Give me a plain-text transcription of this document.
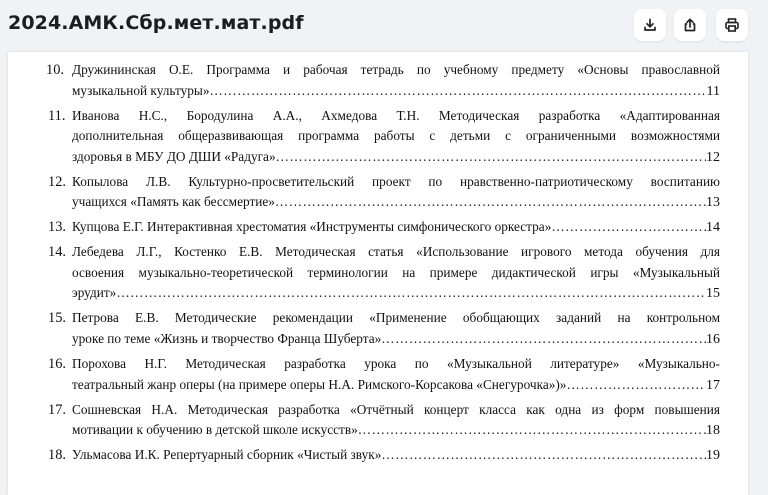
2024.АМК.Сбр.мет.мат.pdf
10. Дружининская О.Е. Программа и рабочая тетрадь по учебному предмету «Основы православной
музыкальной культуры» ……………………………………………………………………………………………………………………………………………………………………………………	11
11. Иванова Н.С., Бородулина А.А., Ахмедова Т.Н. Методическая разработка «Адаптированная
дополнительная общеразвивающая программа работы с детьми с ограниченными возможностями
здоровья в МБУ ДО ДШИ «Радуга» ……………………………………………………………………………………………………………………………………………………………………………………	12
12. Копылова Л.В. Культурно-просветительский проект по нравственно-патриотическому воспитанию
учащихся «Память как бессмертие» ……………………………………………………………………………………………………………………………………………………………………………………	13
13. Купцова Е.Г. Интерактивная хрестоматия «Инструменты симфонического оркестра» ……………………………………………………………………………………………………………………………………………………………………………………	14
14. Лебедева Л.Г., Костенко Е.В. Методическая статья «Использование игрового метода обучения для
освоения музыкально-теоретической терминологии на примере дидактической игры «Музыкальный
эрудит» ……………………………………………………………………………………………………………………………………………………………………………………	15
15. Петрова Е.В. Методические рекомендации «Применение обобщающих заданий на контрольном
уроке по теме «Жизнь и творчество Франца Шуберта» ……………………………………………………………………………………………………………………………………………………………………………………	16
16. Порохова Н.Г. Методическая разработка урока по «Музыкальной литературе» «Музыкально-
театральный жанр оперы (на примере оперы Н.А. Римского-Корсакова «Снегурочка»)» ……………………………………………………………………………………………………………………………………………………………………………………	17
17. Сошневская Н.А. Методическая разработка «Отчётный концерт класса как одна из форм повышения
мотивации к обучению в детской школе искусств» ……………………………………………………………………………………………………………………………………………………………………………………	18
18. Ульмасова И.К. Репертуарный сборник «Чистый звук» ……………………………………………………………………………………………………………………………………………………………………………………	19
